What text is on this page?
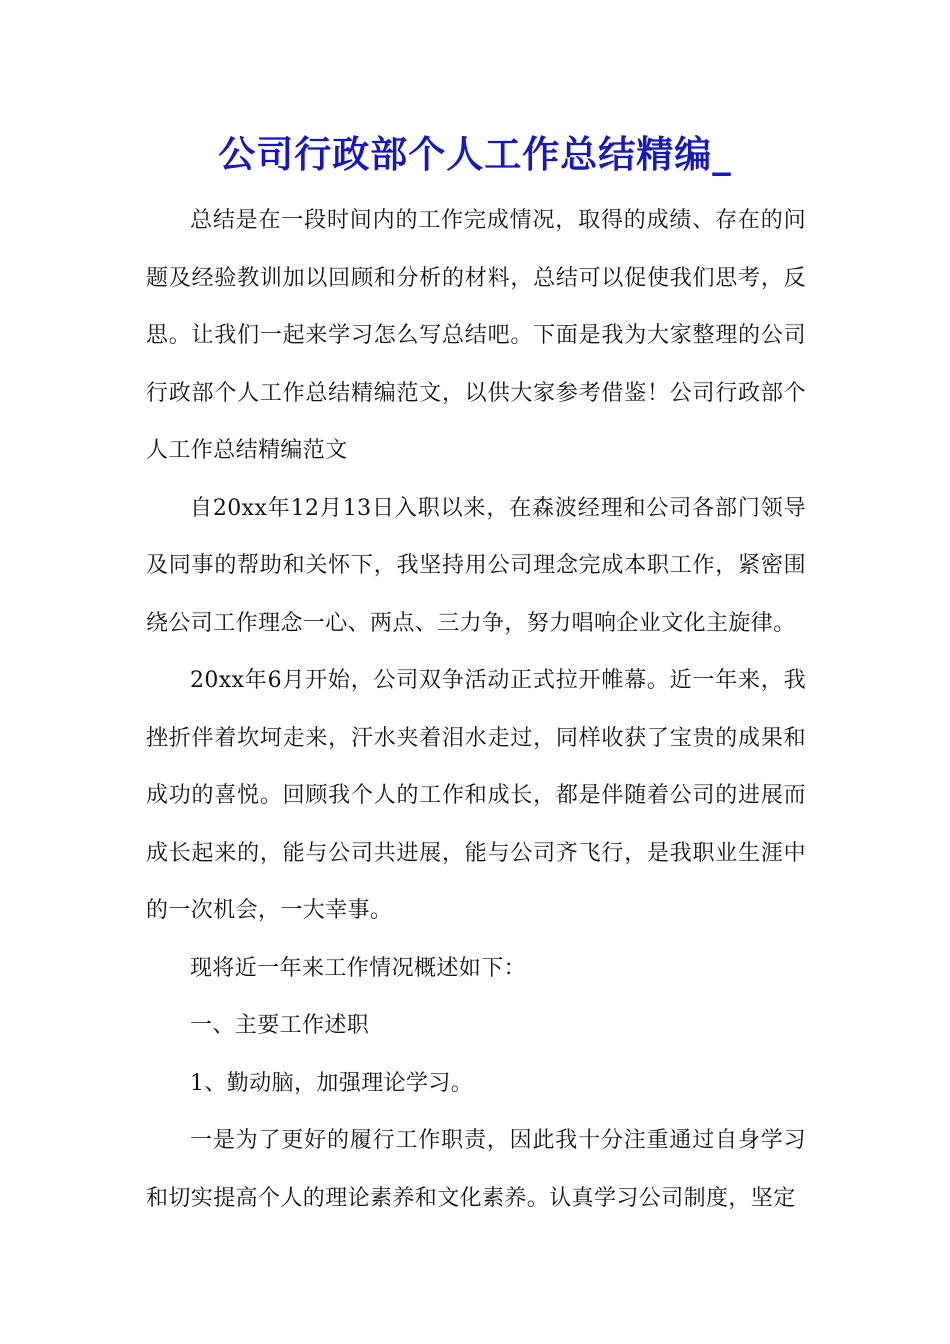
公司行政部个人工作总结精编_

总结是在一段时间内的工作完成情况，取得的成绩、存在的问题及经验教训加以回顾和分析的材料，总结可以促使我们思考，反思。让我们一起来学习怎么写总结吧。下面是我为大家整理的公司行政部个人工作总结精编范文，以供大家参考借鉴！公司行政部个人工作总结精编范文

自20xx年12月13日入职以来，在森波经理和公司各部门领导及同事的帮助和关怀下，我坚持用公司理念完成本职工作，紧密围绕公司工作理念一心、两点、三力争，努力唱响企业文化主旋律。

20xx年6月开始，公司双争活动正式拉开帷幕。近一年来，我挫折伴着坎坷走来，汗水夹着泪水走过，同样收获了宝贵的成果和成功的喜悦。回顾我个人的工作和成长，都是伴随着公司的进展而成长起来的，能与公司共进展，能与公司齐飞行，是我职业生涯中的一次机会，一大幸事。

现将近一年来工作情况概述如下：

一、主要工作述职

1、勤动脑，加强理论学习。

一是为了更好的履行工作职责，因此我十分注重通过自身学习和切实提高个人的理论素养和文化素养。认真学习公司制度，坚定
